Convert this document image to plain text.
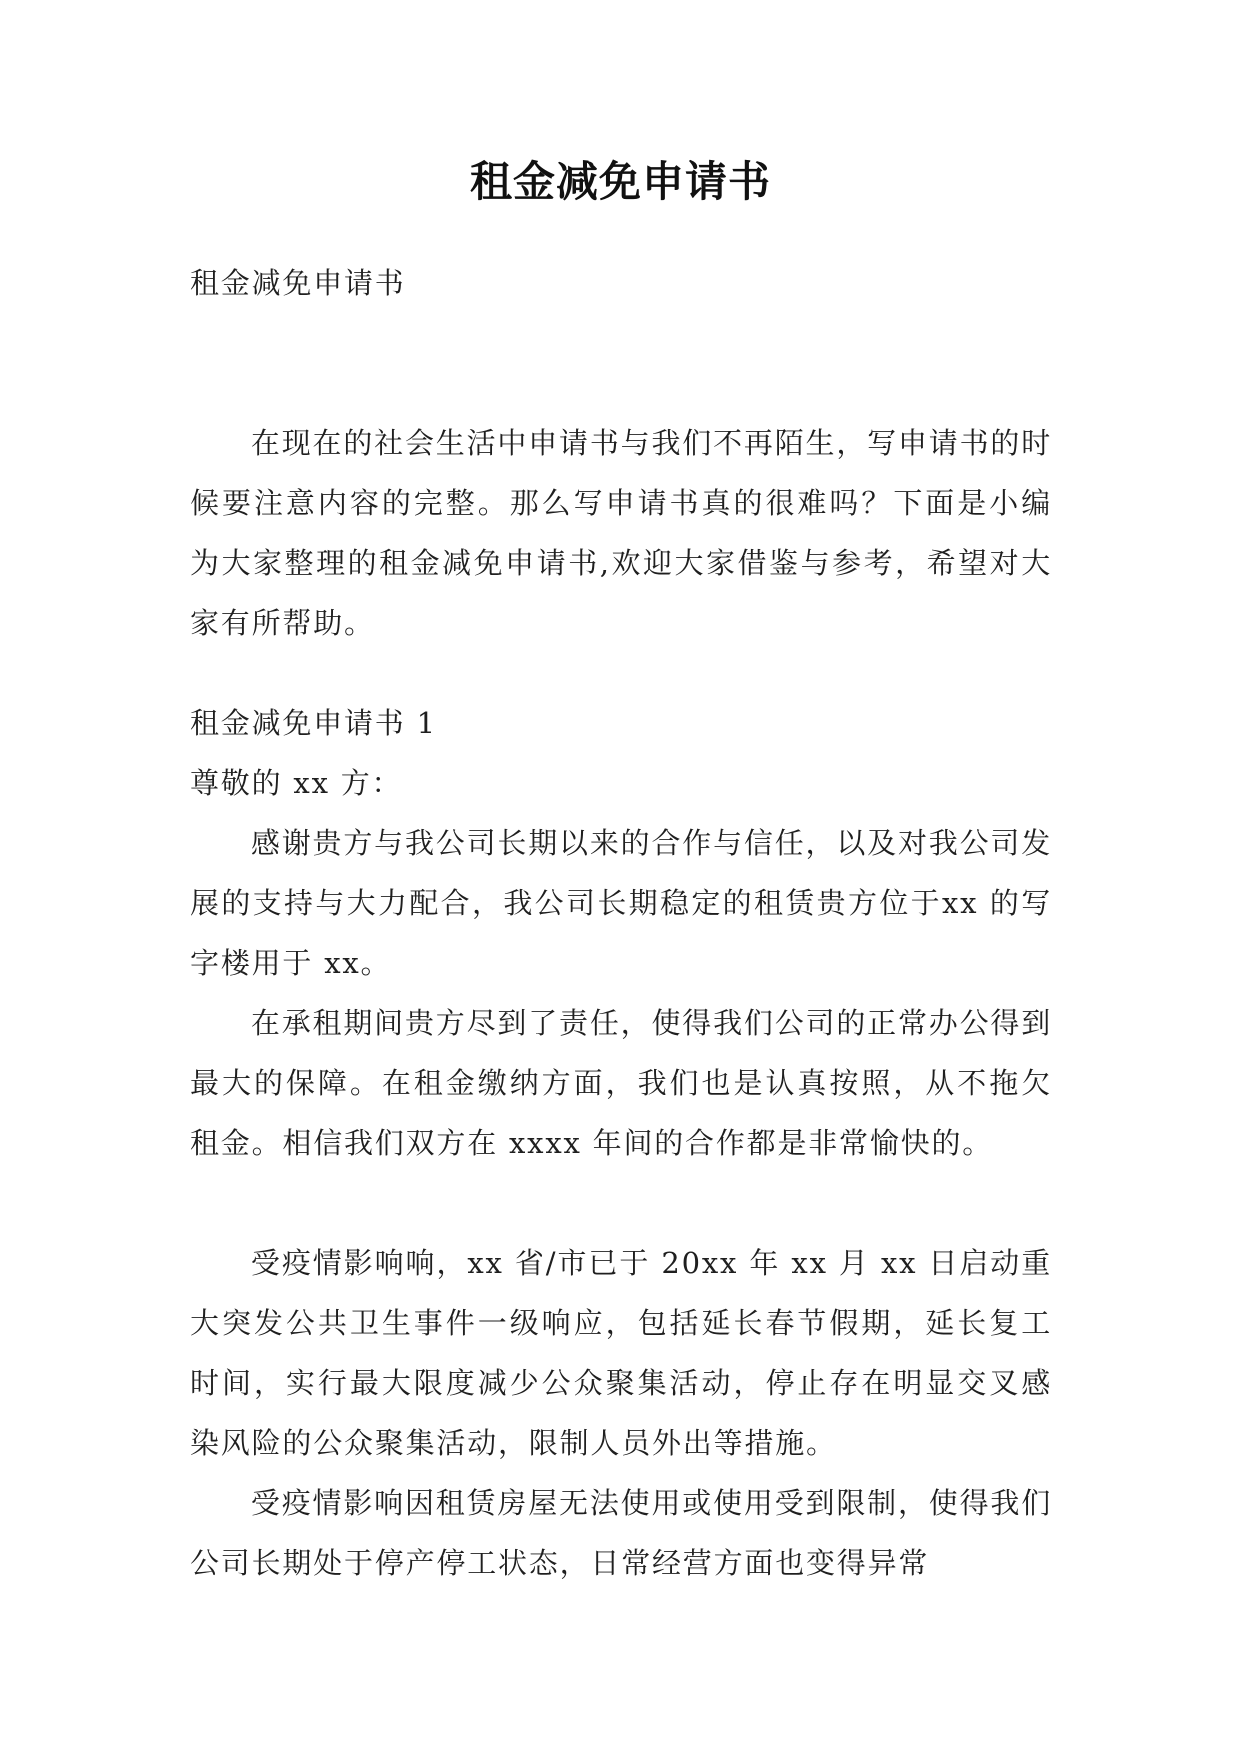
租金减免申请书

租金减免申请书

在现在的社会生活中申请书与我们不再陌生，写申请书的时候要注意内容的完整。那么写申请书真的很难吗？下面是小编为大家整理的租金减免申请书,欢迎大家借鉴与参考，希望对大家有所帮助。

租金减免申请书 1

尊敬的 xx 方：

感谢贵方与我公司长期以来的合作与信任，以及对我公司发展的支持与大力配合，我公司长期稳定的租赁贵方位于xx 的写字楼用于 xx。

在承租期间贵方尽到了责任，使得我们公司的正常办公得到最大的保障。在租金缴纳方面，我们也是认真按照，从不拖欠租金。相信我们双方在 xxxx 年间的合作都是非常愉快的。

受疫情影响响，xx 省/市已于 20xx 年 xx 月 xx 日启动重大突发公共卫生事件一级响应，包括延长春节假期，延长复工时间，实行最大限度减少公众聚集活动，停止存在明显交叉感染风险的公众聚集活动，限制人员外出等措施。

受疫情影响因租赁房屋无法使用或使用受到限制，使得我们公司长期处于停产停工状态，日常经营方面也变得异常
